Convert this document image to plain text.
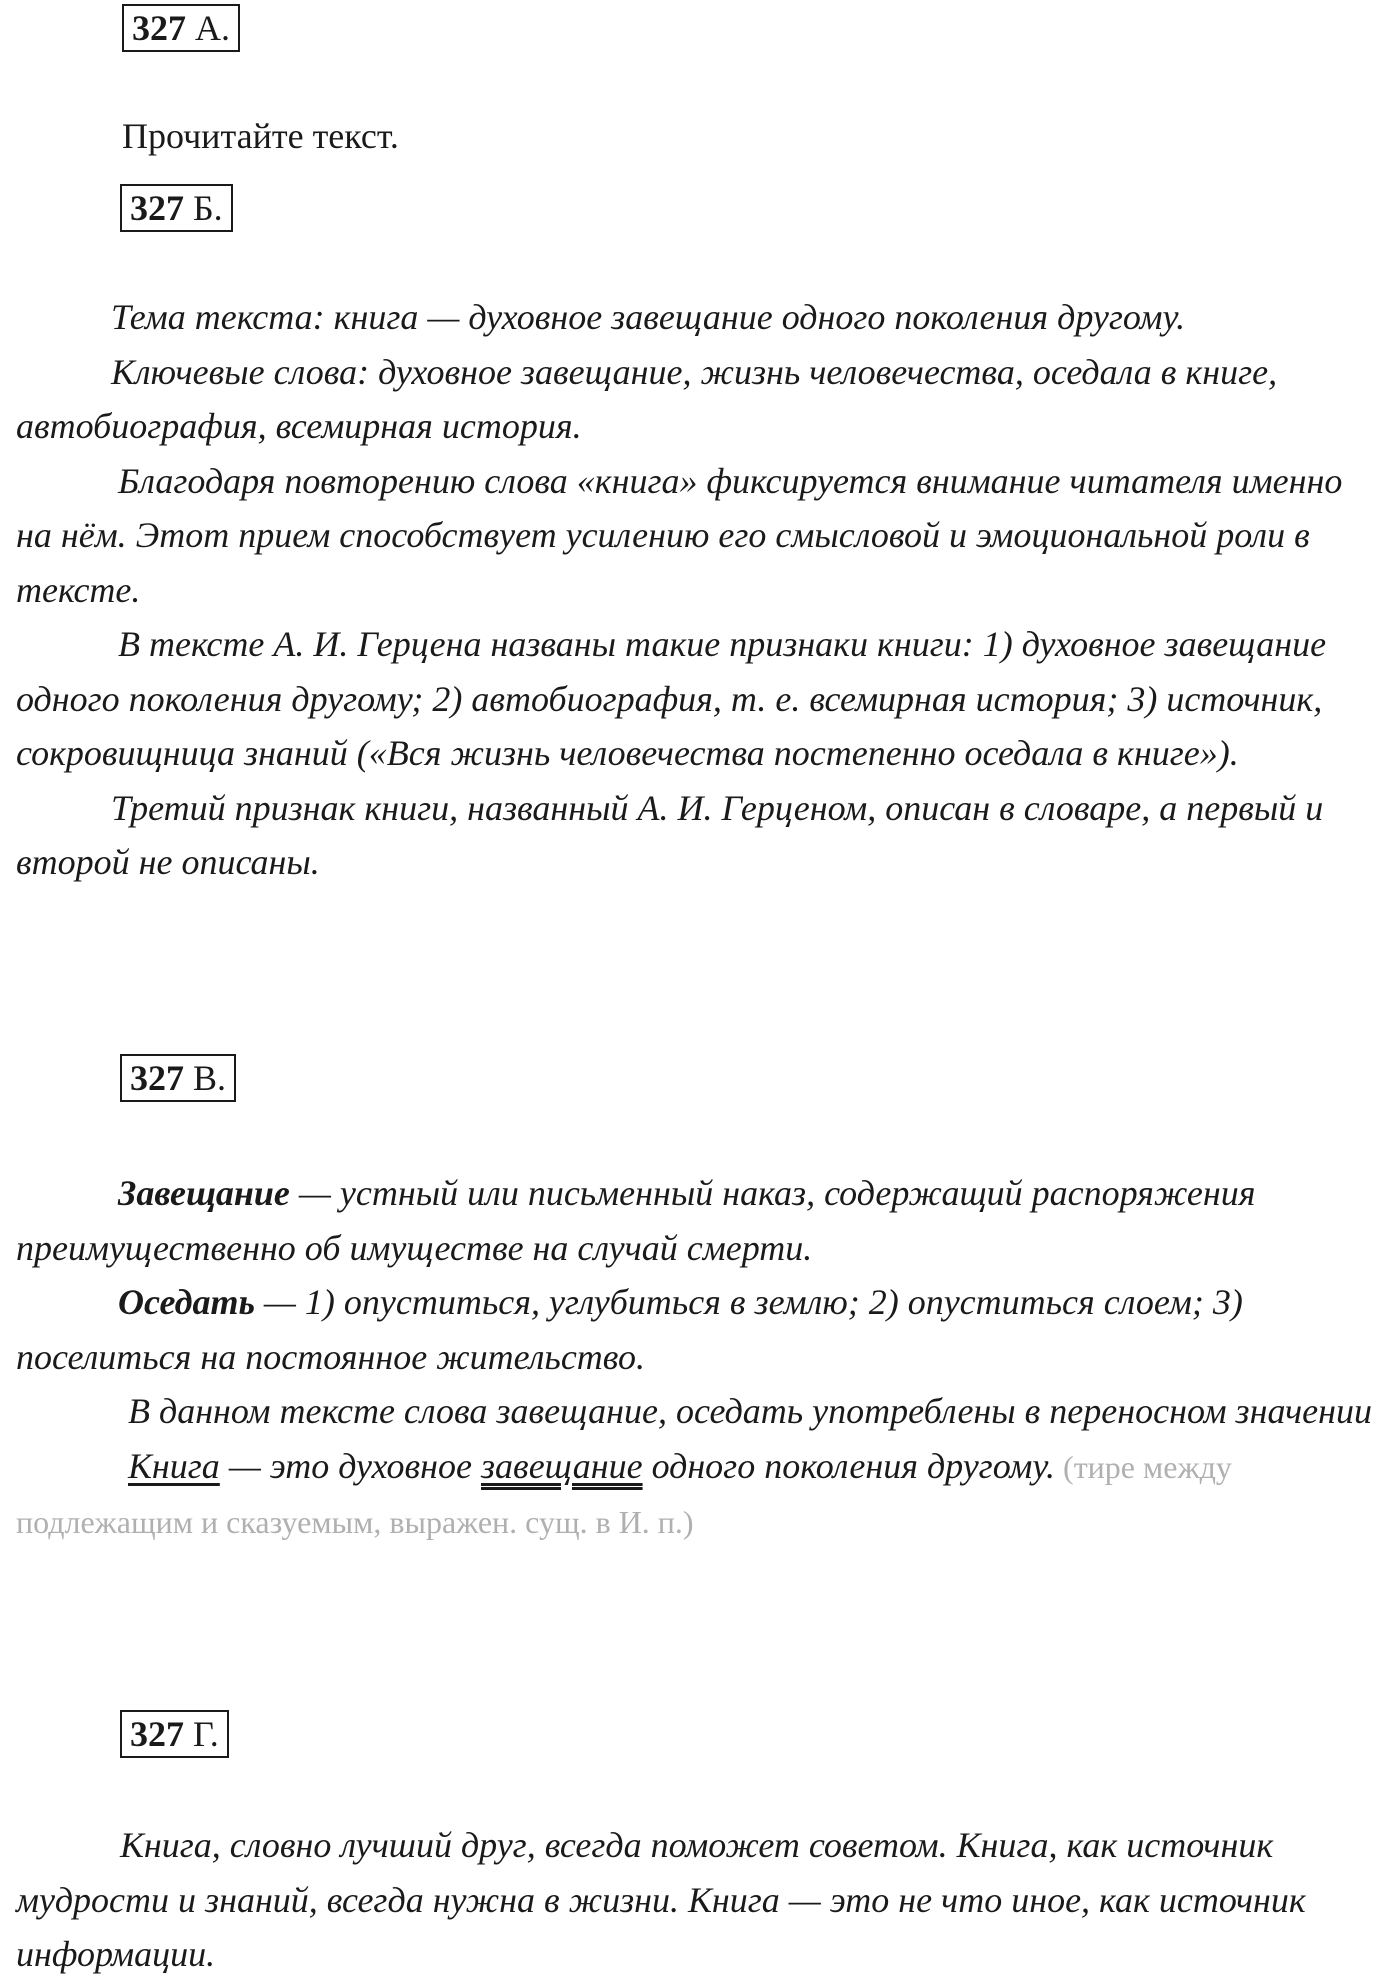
327 А.
Прочитайте текст.
327 Б.

Тема текста: книга — духовное завещание одного поколения другому.

Ключевые слова: духовное завещание, жизнь человечества, оседала в книге, автобиография, всемирная история.

Благодаря повторению слова «книга» фиксируется внимание читателя именно на нём. Этот прием способствует усилению его смысловой и эмоциональной роли в тексте.

В тексте А. И. Герцена названы такие признаки книги: 1) духовное завещание одного поколения другому; 2) автобиография, т. е. всемирная история; 3) источник, сокровищница знаний («Вся жизнь человечества постепенно оседала в книге»).

Третий признак книги, названный А. И. Герценом, описан в словаре, а первый и второй не описаны.

327 В.

Завещание — устный или письменный наказ, содержащий распоряжения преимущественно об имуществе на случай смерти.

Оседать — 1) опуститься, углубиться в землю; 2) опуститься слоем; 3) поселиться на постоянное жительство.

В данном тексте слова завещание, оседать употреблены в переносном значении

Книга — это духовное завещание одного поколения другому. (тире между подлежащим и сказуемым, выражен. сущ. в И. п.)

327 Г.

Книга, словно лучший друг, всегда поможет советом. Книга, как источник мудрости и знаний, всегда нужна в жизни. Книга — это не что иное, как источник информации.
